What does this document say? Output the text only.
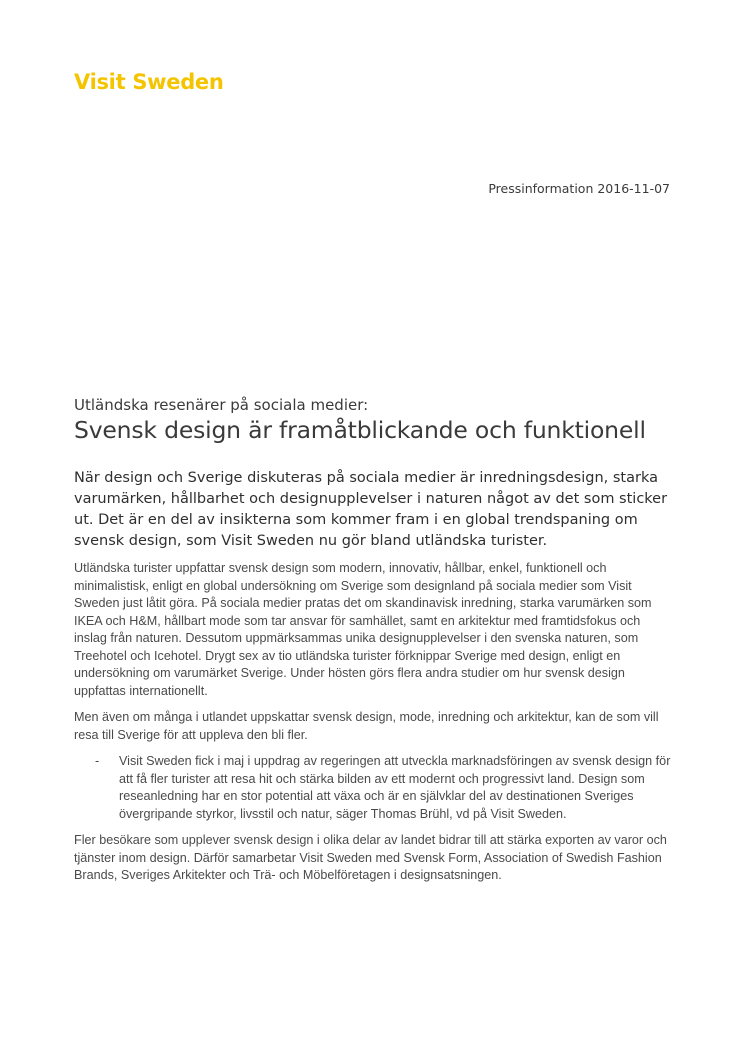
Visit Sweden
Pressinformation 2016-11-07
Utländska resenärer på sociala medier:
Svensk design är framåtblickande och funktionell
När design och Sverige diskuteras på sociala medier är inredningsdesign, starka varumärken, hållbarhet och designupplevelser i naturen något av det som sticker ut. Det är en del av insikterna som kommer fram i en global trendspaning om svensk design, som Visit Sweden nu gör bland utländska turister.

Utländska turister uppfattar svensk design som modern, innovativ, hållbar, enkel, funktionell och minimalistisk, enligt en global undersökning om Sverige som designland på sociala medier som Visit Sweden just låtit göra. På sociala medier pratas det om skandinavisk inredning, starka varumärken som IKEA och H&M, hållbart mode som tar ansvar för samhället, samt en arkitektur med framtidsfokus och inslag från naturen. Dessutom uppmärksammas unika designupplevelser i den svenska naturen, som Treehotel och Icehotel. Drygt sex av tio utländska turister förknippar Sverige med design, enligt en undersökning om varumärket Sverige. Under hösten görs flera andra studier om hur svensk design uppfattas internationellt.

Men även om många i utlandet uppskattar svensk design, mode, inredning och arkitektur, kan de som vill resa till Sverige för att uppleva den bli fler.

- Visit Sweden fick i maj i uppdrag av regeringen att utveckla marknadsföringen av svensk design för att få fler turister att resa hit och stärka bilden av ett modernt och progressivt land. Design som reseanledning har en stor potential att växa och är en självklar del av destinationen Sveriges övergripande styrkor, livsstil och natur, säger Thomas Brühl, vd på Visit Sweden.

Fler besökare som upplever svensk design i olika delar av landet bidrar till att stärka exporten av varor och tjänster inom design. Därför samarbetar Visit Sweden med Svensk Form, Association of Swedish Fashion Brands, Sveriges Arkitekter och Trä- och Möbelföretagen i designsatsningen.
